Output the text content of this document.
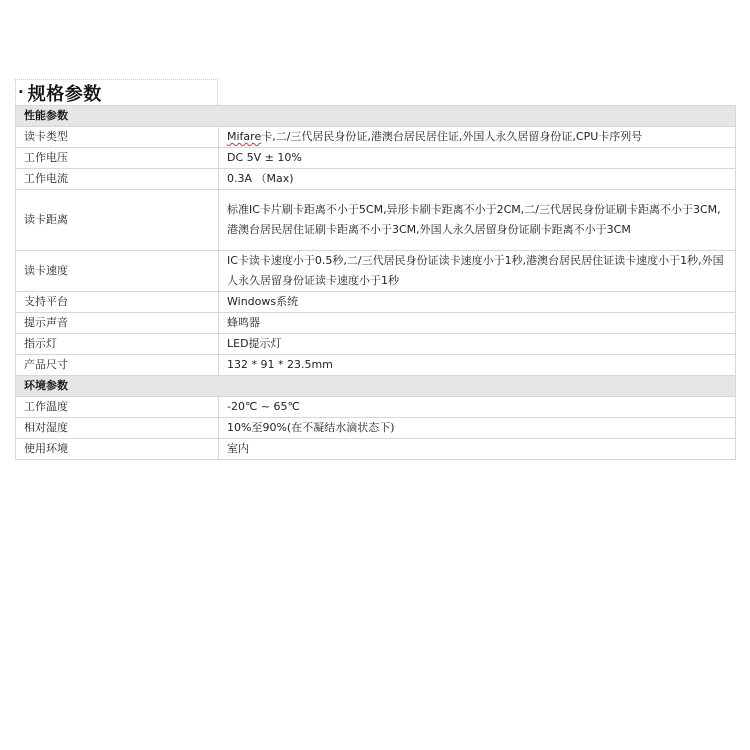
· 规格参数
性能参数	
读卡类型	Mifare卡,二/三代居民身份证,港澳台居民居住证,外国人永久居留身份证,CPU卡序列号
工作电压	DC 5V ± 10%
工作电流	0.3A （Max)
读卡距离	标准IC卡片刷卡距离不小于5CM,异形卡刷卡距离不小于2CM,二/三代居民身份证刷卡距离不小于3CM,港澳台居民居住证刷卡距离不小于3CM,外国人永久居留身份证刷卡距离不小于3CM
读卡速度	IC卡读卡速度小于0.5秒,二/三代居民身份证读卡速度小于1秒,港澳台居民居住证读卡速度小于1秒,外国人永久居留身份证读卡速度小于1秒
支持平台	Windows系统
提示声音	蜂鸣器
指示灯	LED提示灯
产品尺寸	132 * 91 * 23.5mm
环境参数	
工作温度	-20℃ ~ 65℃
相对湿度	10%至90%(在不凝结水滴状态下)
使用环境	室内
